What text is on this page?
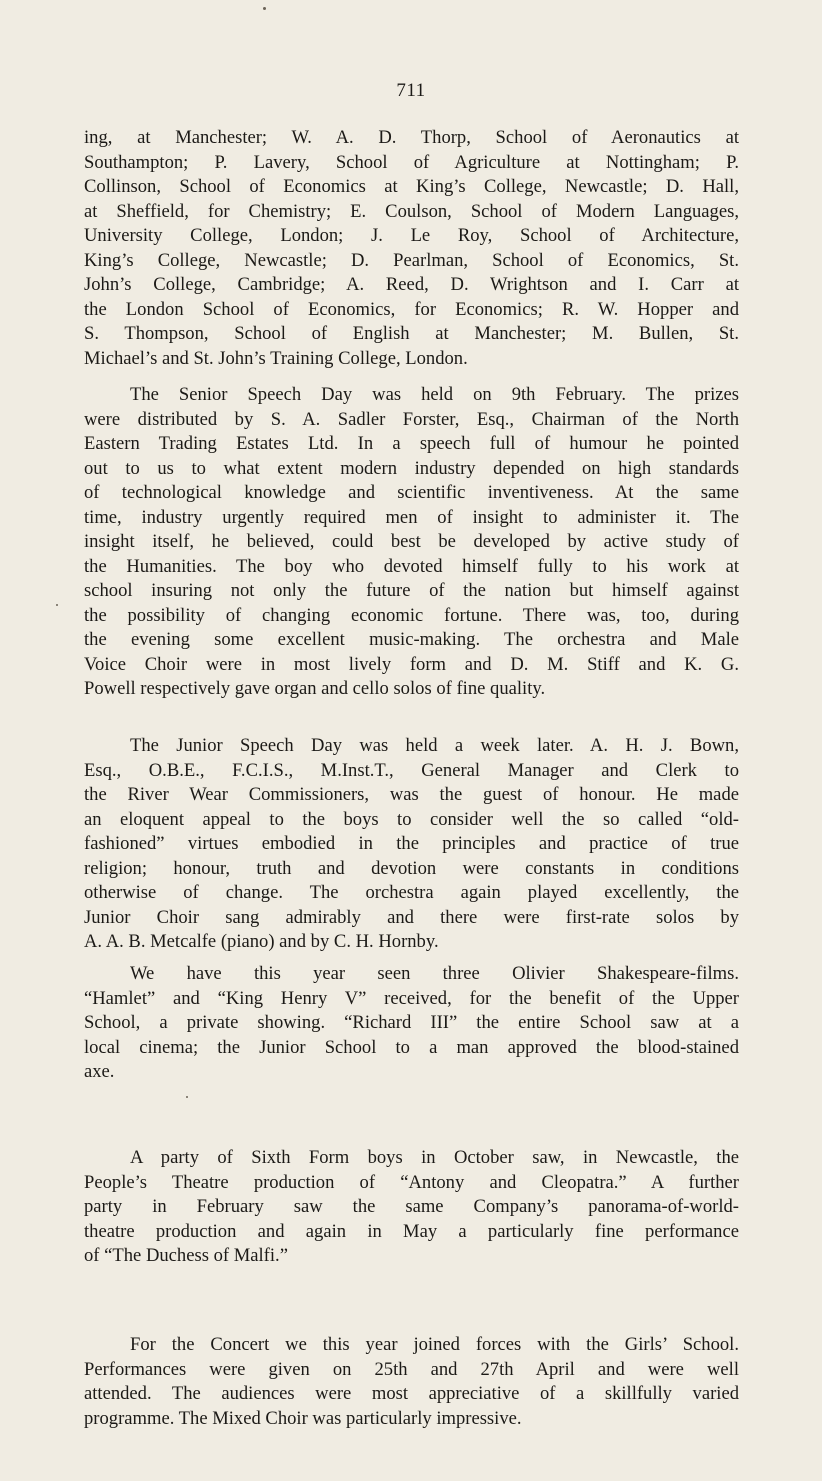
711
ing, at Manchester; W. A. D. Thorp, School of Aeronautics at
Southampton; P. Lavery, School of Agriculture at Nottingham; P.
Collinson, School of Economics at King’s College, Newcastle; D. Hall,
at Sheffield, for Chemistry; E. Coulson, School of Modern Languages,
University College, London; J. Le Roy, School of Architecture,
King’s College, Newcastle; D. Pearlman, School of Economics, St.
John’s College, Cambridge; A. Reed, D. Wrightson and I. Carr at
the London School of Economics, for Economics; R. W. Hopper and
S. Thompson, School of English at Manchester; M. Bullen, St.
Michael’s and St. John’s Training College, London.
The Senior Speech Day was held on 9th February. The prizes
were distributed by S. A. Sadler Forster, Esq., Chairman of the North
Eastern Trading Estates Ltd. In a speech full of humour he pointed
out to us to what extent modern industry depended on high standards
of technological knowledge and scientific inventiveness. At the same
time, industry urgently required men of insight to administer it. The
insight itself, he believed, could best be developed by active study of
the Humanities. The boy who devoted himself fully to his work at
school insuring not only the future of the nation but himself against
the possibility of changing economic fortune. There was, too, during
the evening some excellent music-making. The orchestra and Male
Voice Choir were in most lively form and D. M. Stiff and K. G.
Powell respectively gave organ and cello solos of fine quality.
The Junior Speech Day was held a week later. A. H. J. Bown,
Esq., O.B.E., F.C.I.S., M.Inst.T., General Manager and Clerk to
the River Wear Commissioners, was the guest of honour. He made
an eloquent appeal to the boys to consider well the so called “old-
fashioned” virtues embodied in the principles and practice of true
religion; honour, truth and devotion were constants in conditions
otherwise of change. The orchestra again played excellently, the
Junior Choir sang admirably and there were first-rate solos by
A. A. B. Metcalfe (piano) and by C. H. Hornby.
We have this year seen three Olivier Shakespeare-films.
“Hamlet” and “King Henry V” received, for the benefit of the Upper
School, a private showing. “Richard III” the entire School saw at a
local cinema; the Junior School to a man approved the blood-stained
axe.
A party of Sixth Form boys in October saw, in Newcastle, the
People’s Theatre production of “Antony and Cleopatra.” A further
party in February saw the same Company’s panorama-of-world-
theatre production and again in May a particularly fine performance
of “The Duchess of Malfi.”
For the Concert we this year joined forces with the Girls’ School.
Performances were given on 25th and 27th April and were well
attended. The audiences were most appreciative of a skillfully varied
programme. The Mixed Choir was particularly impressive.
